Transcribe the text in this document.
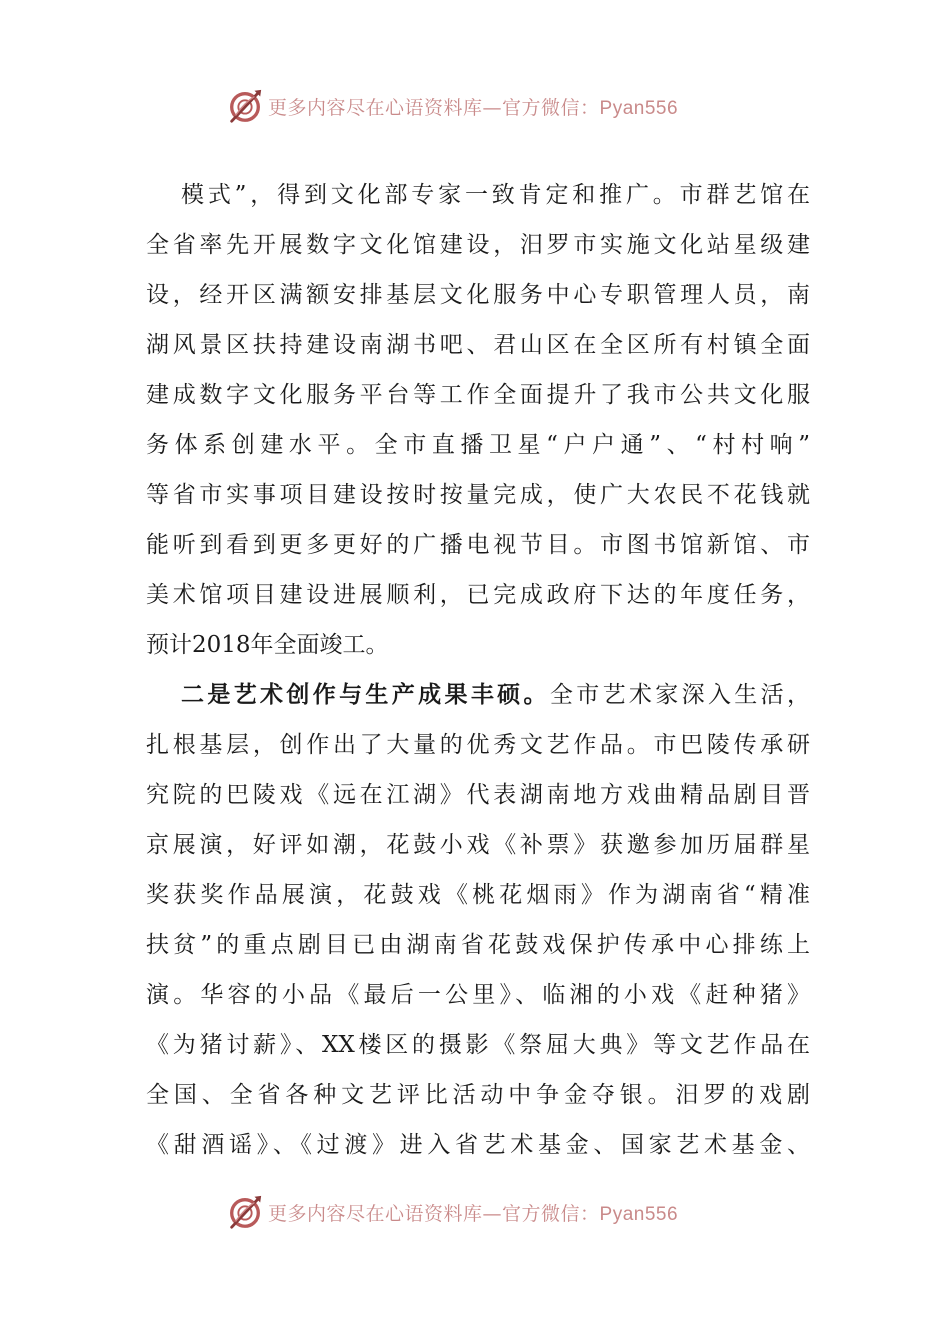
更多内容尽在心语资料库—官方微信：Pyan556
模式”，得到文化部专家一致肯定和推广。市群艺馆在
全省率先开展数字文化馆建设，汨罗市实施文化站星级建
设，经开区满额安排基层文化服务中心专职管理人员，南
湖风景区扶持建设南湖书吧、君山区在全区所有村镇全面
建成数字文化服务平台等工作全面提升了我市公共文化服
务体系创建水平。全市直播卫星“户户通”、“村村响”
等省市实事项目建设按时按量完成，使广大农民不花钱就
能听到看到更多更好的广播电视节目。市图书馆新馆、市
美术馆项目建设进展顺利，已完成政府下达的年度任务，
预计2018年全面竣工。
二是艺术创作与生产成果丰硕。全市艺术家深入生活，
扎根基层，创作出了大量的优秀文艺作品。市巴陵传承研
究院的巴陵戏《远在江湖》代表湖南地方戏曲精品剧目晋
京展演，好评如潮，花鼓小戏《补票》获邀参加历届群星
奖获奖作品展演，花鼓戏《桃花烟雨》作为湖南省“精准
扶贫”的重点剧目已由湖南省花鼓戏保护传承中心排练上
演。华容的小品《最后一公里》、临湘的小戏《赶种猪》
《为猪讨薪》、XX楼区的摄影《祭屈大典》等文艺作品在
全国、全省各种文艺评比活动中争金夺银。汨罗的戏剧
《甜酒谣》、《过渡》进入省艺术基金、国家艺术基金、
更多内容尽在心语资料库—官方微信：Pyan556
